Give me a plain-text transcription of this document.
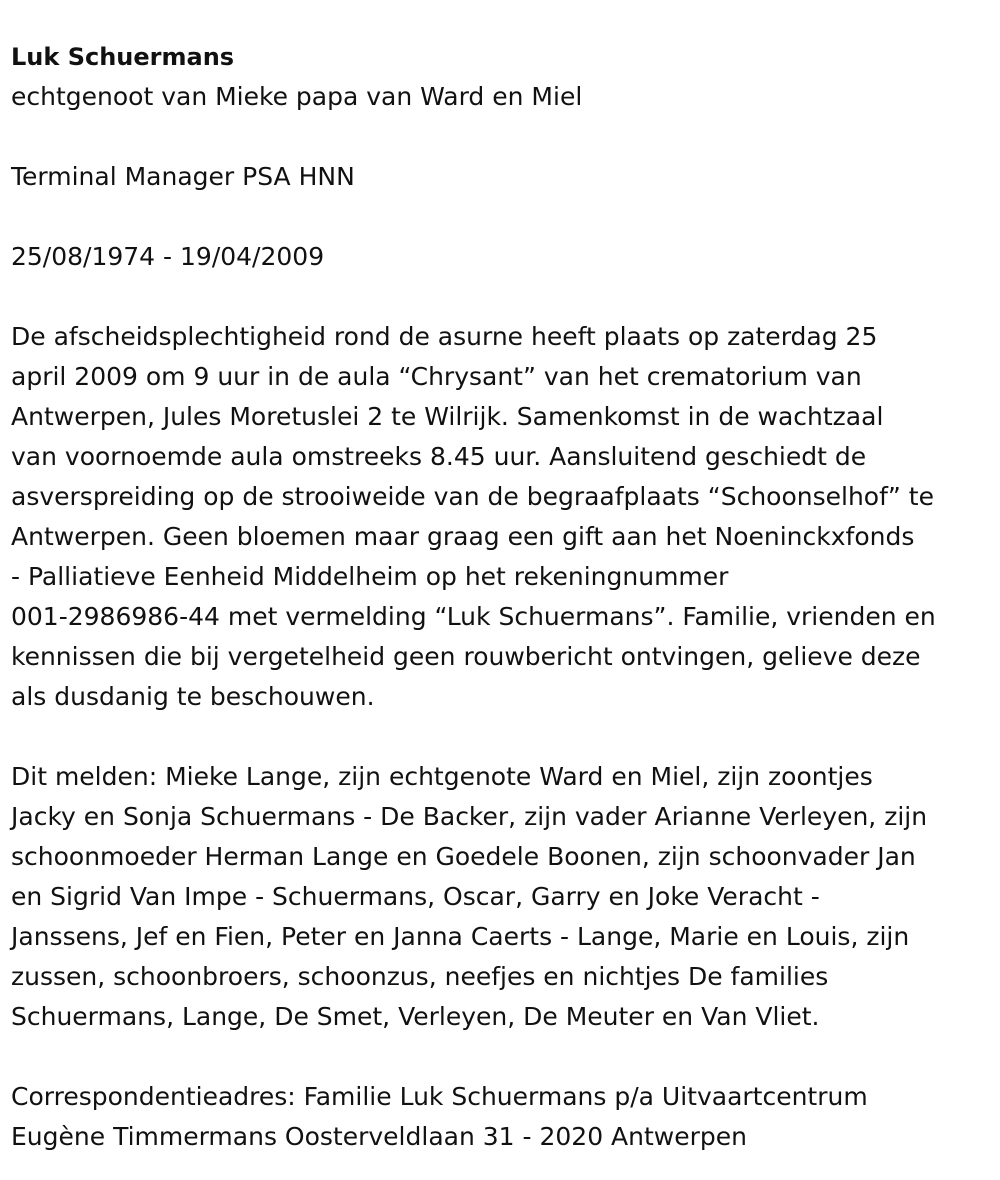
Luk Schuermans

echtgenoot van Mieke papa van Ward en Miel

Terminal Manager PSA HNN

25/08/1974 - 19/04/2009

De afscheidsplechtigheid rond de asurne heeft plaats op zaterdag 25

april 2009 om 9 uur in de aula “Chrysant” van het crematorium van

Antwerpen, Jules Moretuslei 2 te Wilrijk. Samenkomst in de wachtzaal

van voornoemde aula omstreeks 8.45 uur. Aansluitend geschiedt de

asverspreiding op de strooiweide van de begraafplaats “Schoonselhof” te

Antwerpen. Geen bloemen maar graag een gift aan het Noeninckxfonds

- Palliatieve Eenheid Middelheim op het rekeningnummer

001-2986986-44 met vermelding “Luk Schuermans”. Familie, vrienden en

kennissen die bij vergetelheid geen rouwbericht ontvingen, gelieve deze

als dusdanig te beschouwen.

Dit melden: Mieke Lange, zijn echtgenote Ward en Miel, zijn zoontjes

Jacky en Sonja Schuermans - De Backer, zijn vader Arianne Verleyen, zijn

schoonmoeder Herman Lange en Goedele Boonen, zijn schoonvader Jan

en Sigrid Van Impe - Schuermans, Oscar, Garry en Joke Veracht -

Janssens, Jef en Fien, Peter en Janna Caerts - Lange, Marie en Louis, zijn

zussen, schoonbroers, schoonzus, neefjes en nichtjes De families

Schuermans, Lange, De Smet, Verleyen, De Meuter en Van Vliet.

Correspondentieadres: Familie Luk Schuermans p/a Uitvaartcentrum

Eugène Timmermans Oosterveldlaan 31 - 2020 Antwerpen
